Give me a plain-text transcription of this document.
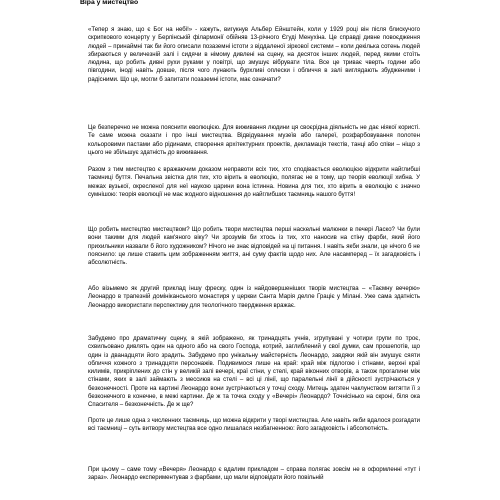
Віра у мистецтво

«Тепер я знаю, що є Бог на небі!» - кажуть, вигукнув Альбер Ейнштейн, коли у 1929 році він після блискучого скрипкового концерту у Берлінській філармонії обійняв 13-річного Єгуді Менухіна. Це справді дивне повоєдження людей – принаймні так би його описали позаземні істоти з віддаленої зіркової системи – коли декілька сотень людей збираються у величезній залі і сидячи в німому дивлені на сцену, на десяток інших людей, перед якими стоїть людина, що робить дивні рухи руками у повітрі, що змушує вібрувати тіла. Все це триває чверть години або півгодини, іноді навіть довше, після чого лунають бурхливі оплески і обличчя в залі виглядають збудженими і радісними. Що це, могли б запитати позаземні істоти, має означати?

Це безперечно не можна пояснити еволюцією. Для виживання людини ця своєрідна діяльність не дає ніякої користі. Те саме можна сказати і про інші мистецтва. Відвідування музеїв або галереї, розфарбовування полотен кольоровими пастами або рідинами, створення архітектурних проектів, декламація текстів, танці або співи – ніщо з цього не збільшує здатність до виживання.

Разом з тим мистецтво є вражаючим доказом неправоти всіх тих, хто сподівається еволюцією відкрити найглибші таємниці буття. Печальна звістка для тих, хто вірить в еволюцію, полягає не в тому, що теорія еволюції хибна. У межах вузької, окресленої для неї наукою царини вона істинна. Новина для тих, хто вірить в еволюцію є значно сумнішою: теорія еволюції не має жодного відношення до найглибших таємниць нашого буття!

Що робить мистецтво мистецтвом? Що робить твори мистецтва перші наскельні малюнки в печері Ласко? Чи були вони такими для людей кам'яного віку? Чи зрозумів би хтось із тих, хто наносив на стіну фарби, який його прихильники назвали б його художником? Нічого не знає відповідей на ці питання. І навіть якби знали, це нічого б не пояснило: це лише ставить цим зображенням життя, ані суму фактів щодо них. Але насамперед – їх загадковість і абсолютність.

Або візьмемо як другий приклад іншу фреску, один із найдовершеніших творів мистецтва – «Таємну вечерю» Леонардо в трапезній домініканського монастиря у церкви Санта Марія делле Граціє у Мілані. Уже сама здатність Леонардо використати перспективу для теологічного твердження вражає.

Забудемо про драматичну сцену, в якій зображено, як тринадцять учнів, згрупувані у чотири групи по троє, схвильовано дивлять один на одного або на свого Господа, котрий, заглиблений у свої думки, сам прошепотів, що один із дванадцяти його зрадить. Забудемо про унікальну майстерність Леонардо, завдяки якій він змушує сяяти обличчя кожного з тринадцяти персонажів. Подивимося лише на край: край між підлогою і стінами, верхні краї килимів, прикріплених до стін у великій залі вечері, краї стіни, у стелі, край віконних отворів, а також прогалини між стінами, яких в залі займають з мессиюв на стелі – всі ці лінії, що паралельні лінії в дійсності зустрічаються у безконечності. Проте на картині Леонардо вони зустрічаються у точці сходу. Митець здатен чаклунством витягти її з безконечного в конечне, в межі картини. Де ж та точка сходу у «Вечері» Леонардо? Точнісінько на скроні, біля ока Спасителя – безконечність. Де ж ще?

Проте це лише одна з численних таємниць, що можна відкрити у творі мистецтва. Але навіть якби вдалося розгадати всі таємниці – суть витвору мистецтва все одно лишалася незбагненною: його загадковість і абсолютність.

При цьому – саме тому «Вечеря» Леонардо є вдалим прикладом – справа полягає зовсім не в оформленні «тут і зараз». Леонардо експериментував з фарбами, що мали відповідати його повільній
